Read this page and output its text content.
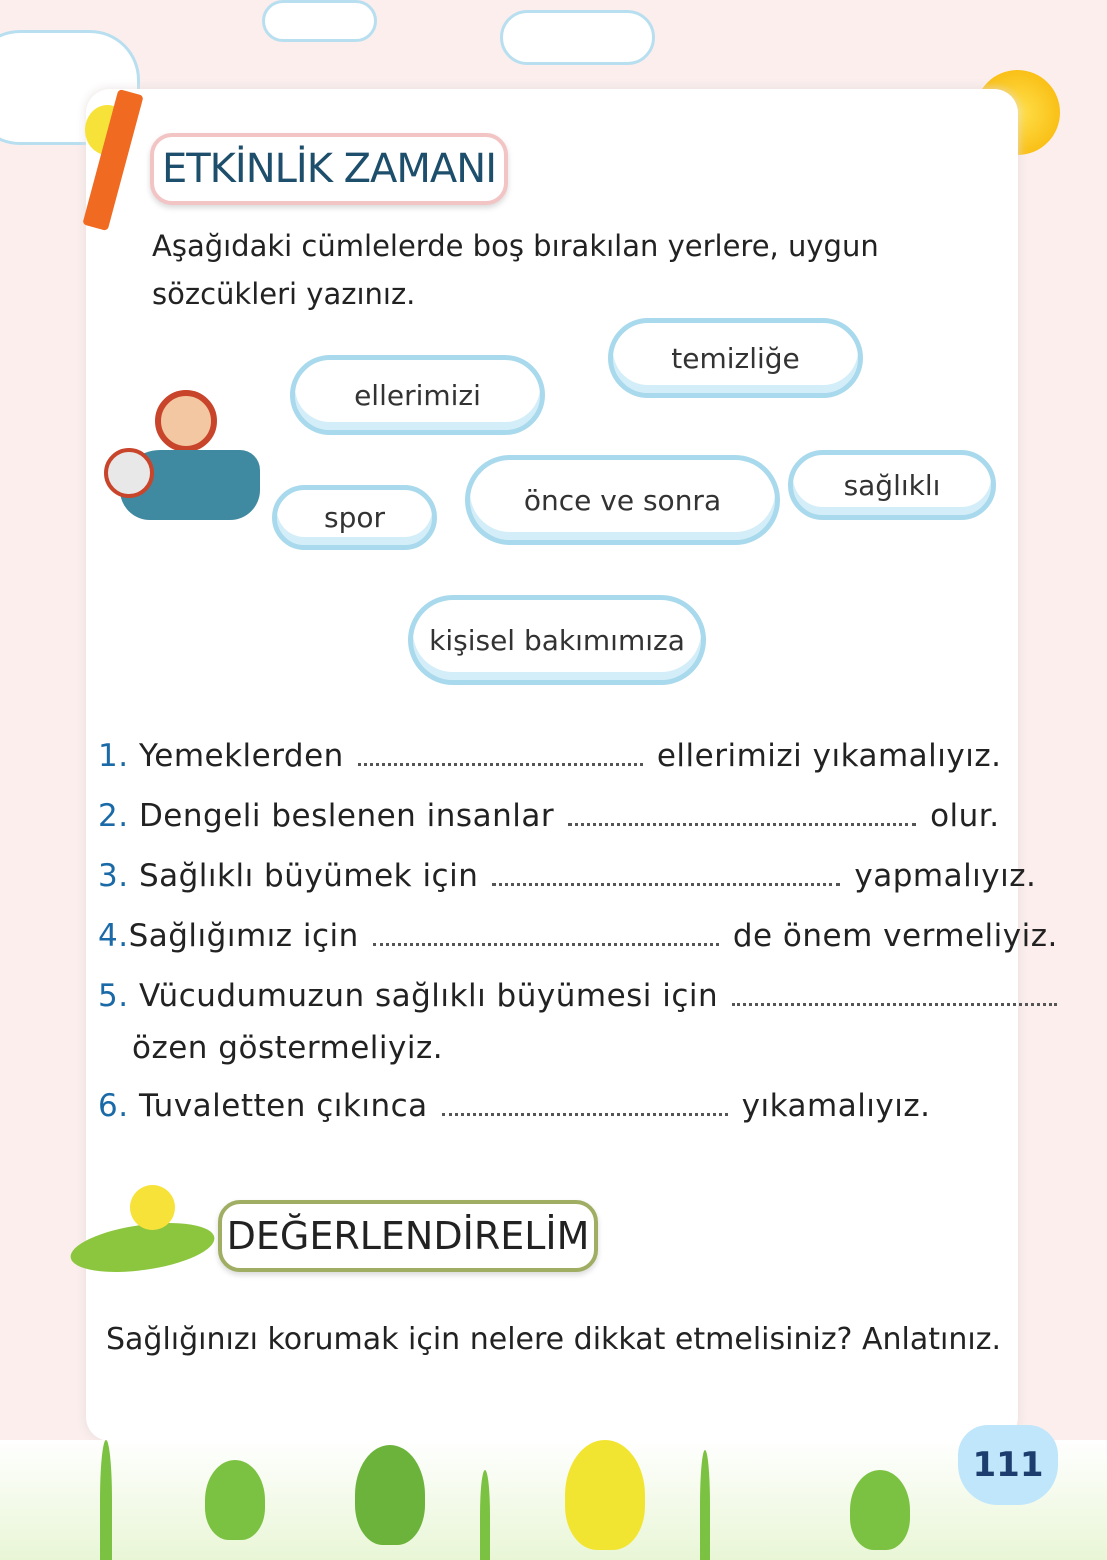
ETKİNLİK ZAMANI
Aşağıdaki cümlelerde boş bırakılan yerlere, uygun sözcükleri yazınız.
ellerimizi
temizliğe
spor
önce ve sonra	sağlıklı
kişisel bakımımıza
1. Yemeklerden	ellerimizi yıkamalıyız.
2. Dengeli beslenen insanlar	olur.
3. Sağlıklı büyümek için	yapmalıyız.
4.Sağlığımız için	de önem vermeliyiz.
5. Vücudumuzun sağlıklı büyümesi için
özen göstermeliyiz.
6. Tuvaletten çıkınca	yıkamalıyız.
DEĞERLENDİRELİM
Sağlığınızı korumak için nelere dikkat etmelisiniz? Anlatınız.
111
